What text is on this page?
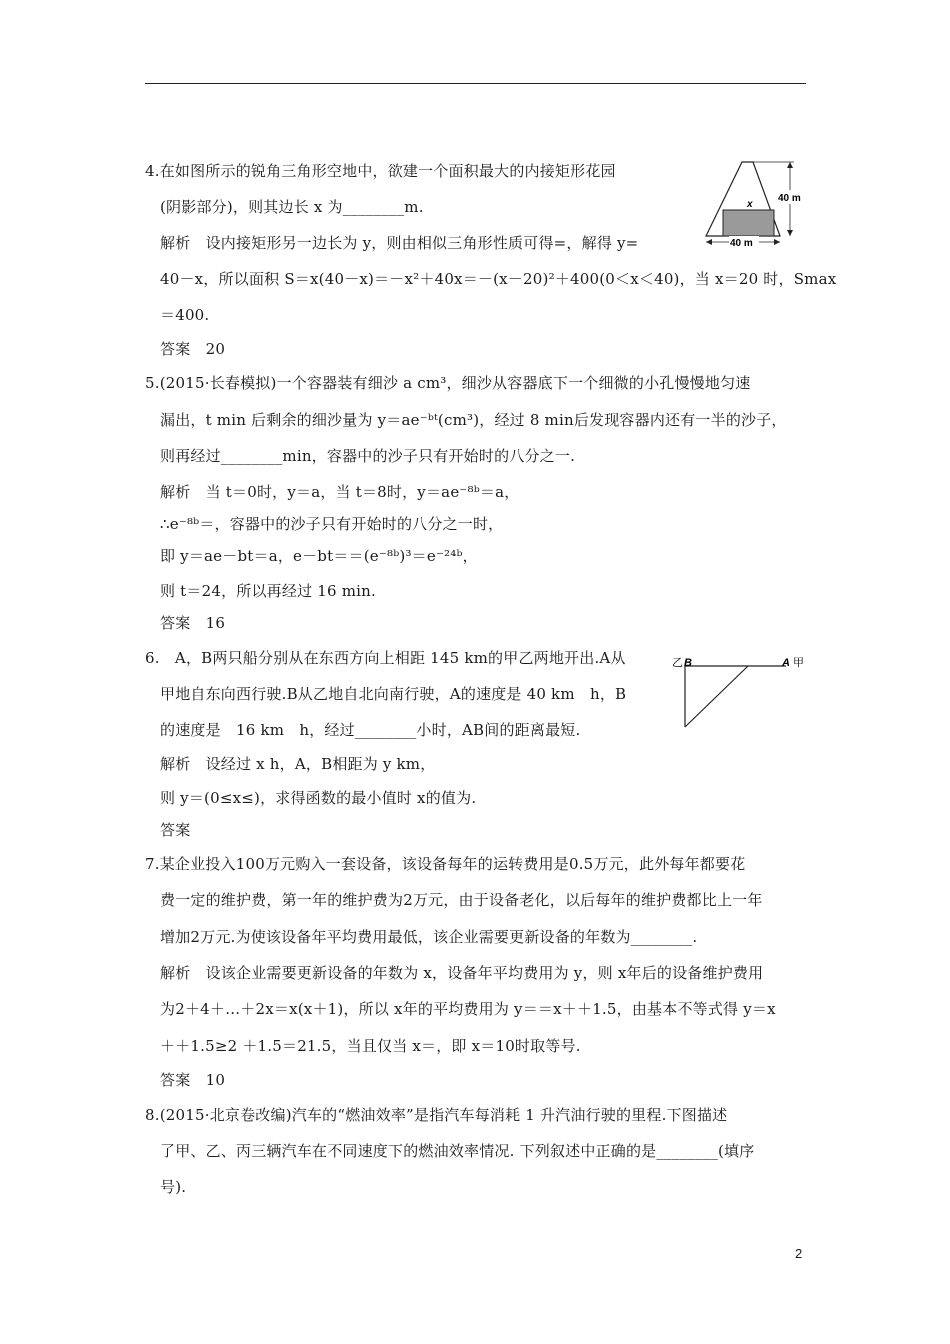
4.在如图所示的锐角三角形空地中，欲建一个面积最大的内接矩形花园
(阴影部分)，则其边长 x 为________m.
解析　设内接矩形另一边长为 y，则由相似三角形性质可得=，解得 y=
40－x，所以面积 S＝x(40－x)＝－x²＋40x＝－(x－20)²＋400(0＜x＜40)，当 x＝20 时，Smax
＝400.
答案　20
5.(2015·长春模拟)一个容器装有细沙 a cm³，细沙从容器底下一个细微的小孔慢慢地匀速
漏出，t min 后剩余的细沙量为 y＝ae⁻ᵇᵗ(cm³)，经过 8 min后发现容器内还有一半的沙子，
则再经过________min，容器中的沙子只有开始时的八分之一.
解析　当 t＝0时，y＝a，当 t＝8时，y＝ae⁻⁸ᵇ＝a，
∴e⁻⁸ᵇ＝，容器中的沙子只有开始时的八分之一时，
即 y＝ae－bt＝a，e－bt＝＝(e⁻⁸ᵇ)³＝e⁻²⁴ᵇ，
则 t＝24，所以再经过 16 min.
答案　16
6.　A，B两只船分别从在东西方向上相距 145 km的甲乙两地开出.A从
甲地自东向西行驶.B从乙地自北向南行驶，A的速度是 40 km　h，B
的速度是　16 km　h，经过________小时，AB间的距离最短.
解析　设经过 x h，A，B相距为 y km，
则 y＝(0≤x≤)，求得函数的最小值时 x的值为.
答案
7.某企业投入100万元购入一套设备，该设备每年的运转费用是0.5万元，此外每年都要花
费一定的维护费，第一年的维护费为2万元，由于设备老化，以后每年的维护费都比上一年
增加2万元.为使该设备年平均费用最低，该企业需要更新设备的年数为________.
解析　设该企业需要更新设备的年数为 x，设备年平均费用为 y，则 x年后的设备维护费用
为2＋4＋…＋2x＝x(x＋1)，所以 x年的平均费用为 y＝＝x＋＋1.5，由基本不等式得 y＝x
＋＋1.5≥2 ＋1.5＝21.5，当且仅当 x＝，即 x＝10时取等号.
答案　10
8.(2015·北京卷改编)汽车的“燃油效率”是指汽车每消耗 1 升汽油行驶的里程.下图描述
了甲、乙、丙三辆汽车在不同速度下的燃油效率情况. 下列叙述中正确的是________(填序
号).
x
40 m
40 m
乙 B	A 甲
2
